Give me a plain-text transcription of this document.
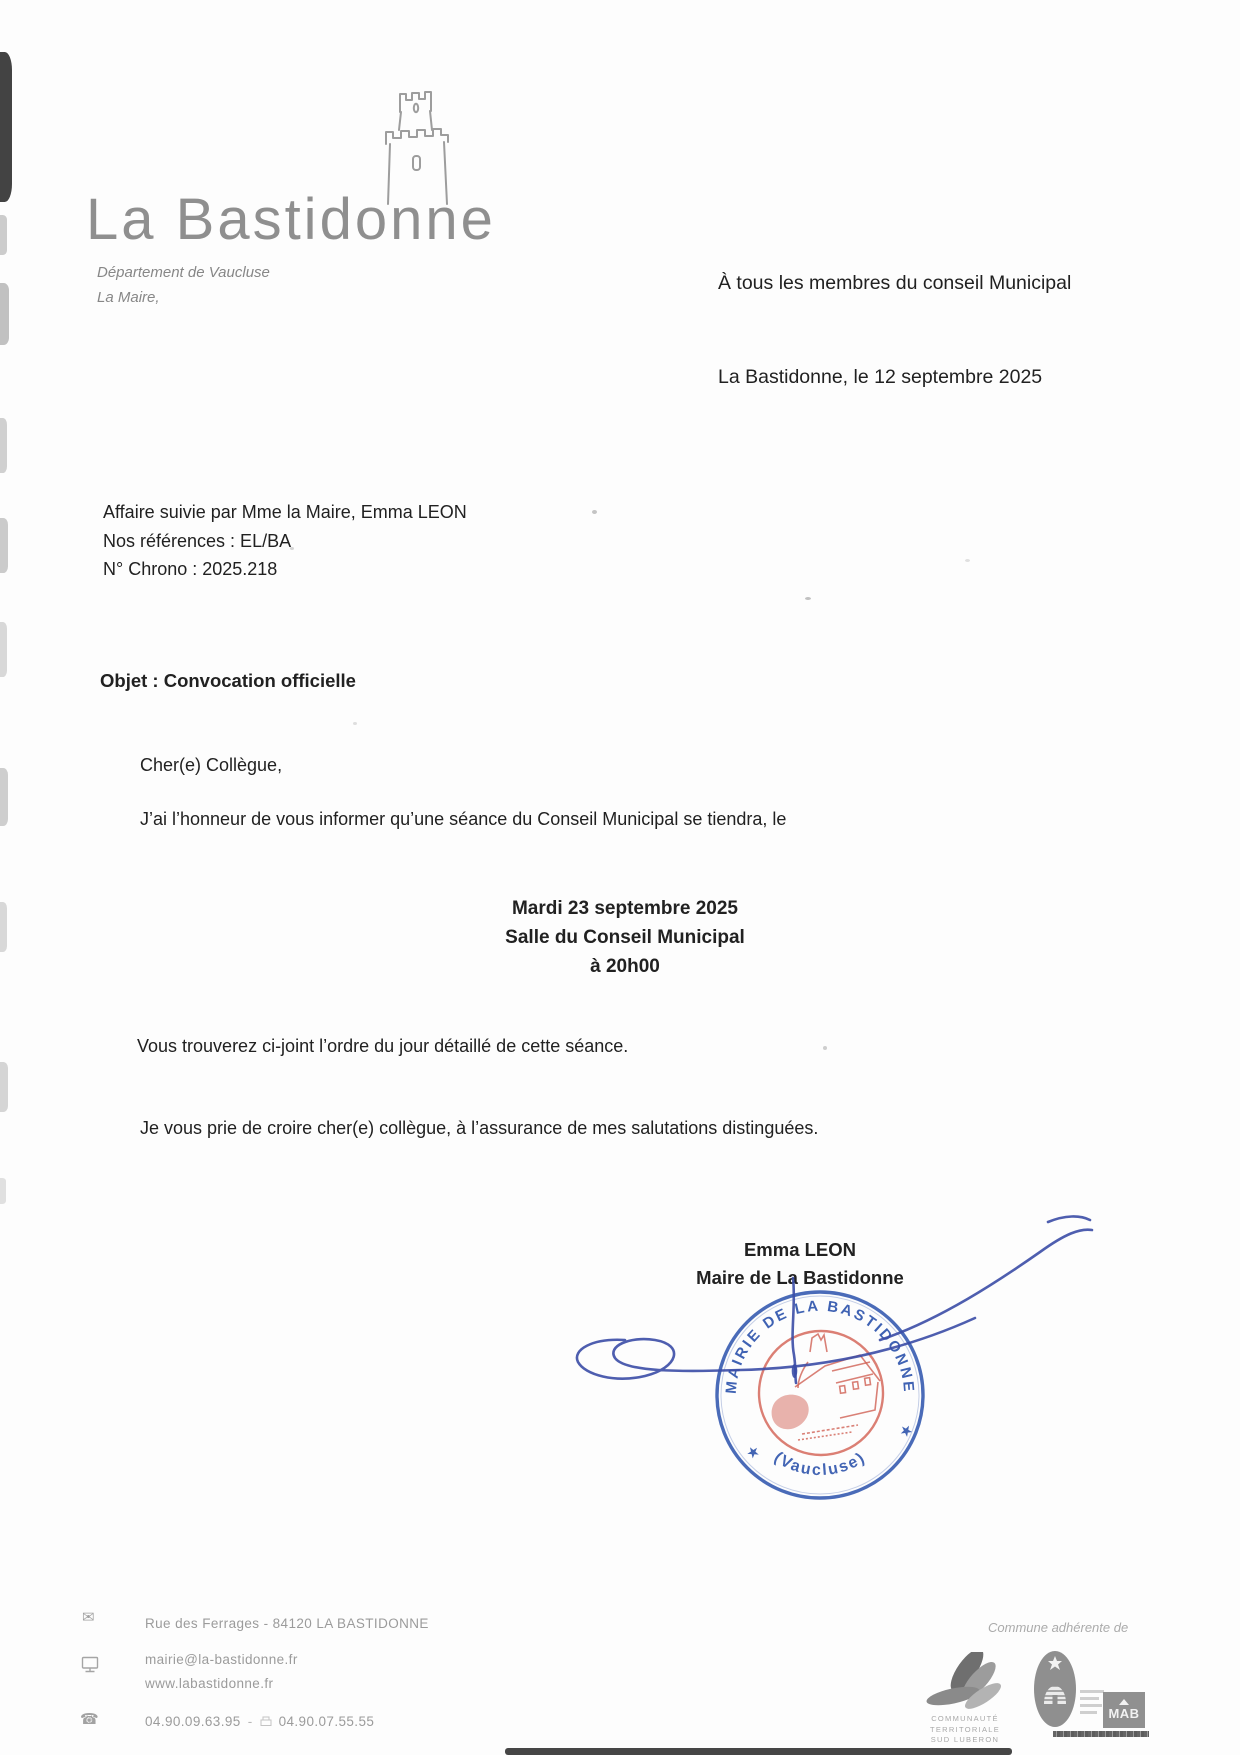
La Bastidonne
Département de Vaucluse
La Maire,
À tous les membres du conseil Municipal
La Bastidonne, le 12 septembre 2025
Affaire suivie par Mme la Maire, Emma LEON
Nos références : EL/BA
N° Chrono : 2025.218
Objet : Convocation officielle
Cher(e) Collègue,
J’ai l’honneur de vous informer qu’une séance du Conseil Municipal se tiendra, le
Mardi 23 septembre 2025
Salle du Conseil Municipal
à 20h00
Vous trouverez ci-joint l’ordre du jour détaillé de cette séance.
Je vous prie de croire cher(e) collègue, à l’assurance de mes salutations distinguées.
Emma LEON
Maire de La Bastidonne
MAIRIE DE LA BASTIDONNE
(Vaucluse)
★
★
✉	Rue des Ferrages - 84120 LA BASTIDONNE
mairie@la-bastidonne.fr
www.labastidonne.fr
☎	04.90.09.63.95 - 04.90.07.55.55
Commune adhérente de
COMMUNAUTÉ
TERRITORIALE
SUD LUBERON
MAB
